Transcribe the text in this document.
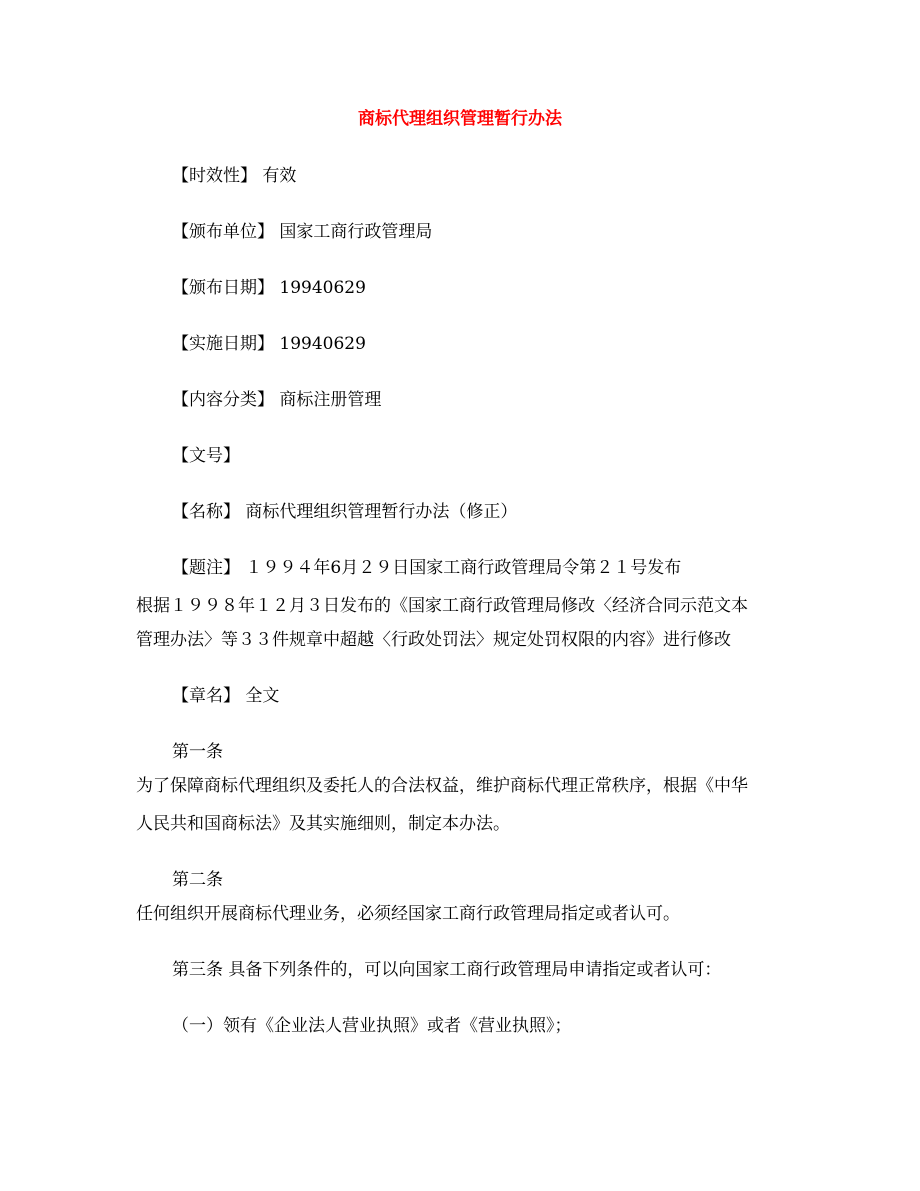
商标代理组织管理暂行办法
【时效性】 有效
【颁布单位】 国家工商行政管理局
【颁布日期】 19940629
【实施日期】 19940629
【内容分类】 商标注册管理
【文号】
【名称】 商标代理组织管理暂行办法（修正）
【题注】 １９９４年6月２９日国家工商行政管理局令第２１号发布
根据１９９８年１２月３日发布的《国家工商行政管理局修改〈经济合同示范文本
管理办法〉等３３件规章中超越〈行政处罚法〉规定处罚权限的内容》进行修改
【章名】 全文
第一条
为了保障商标代理组织及委托人的合法权益，维护商标代理正常秩序，根据《中华
人民共和国商标法》及其实施细则，制定本办法。
第二条
任何组织开展商标代理业务，必须经国家工商行政管理局指定或者认可。
第三条 具备下列条件的，可以向国家工商行政管理局申请指定或者认可：
（一）领有《企业法人营业执照》或者《营业执照》；
